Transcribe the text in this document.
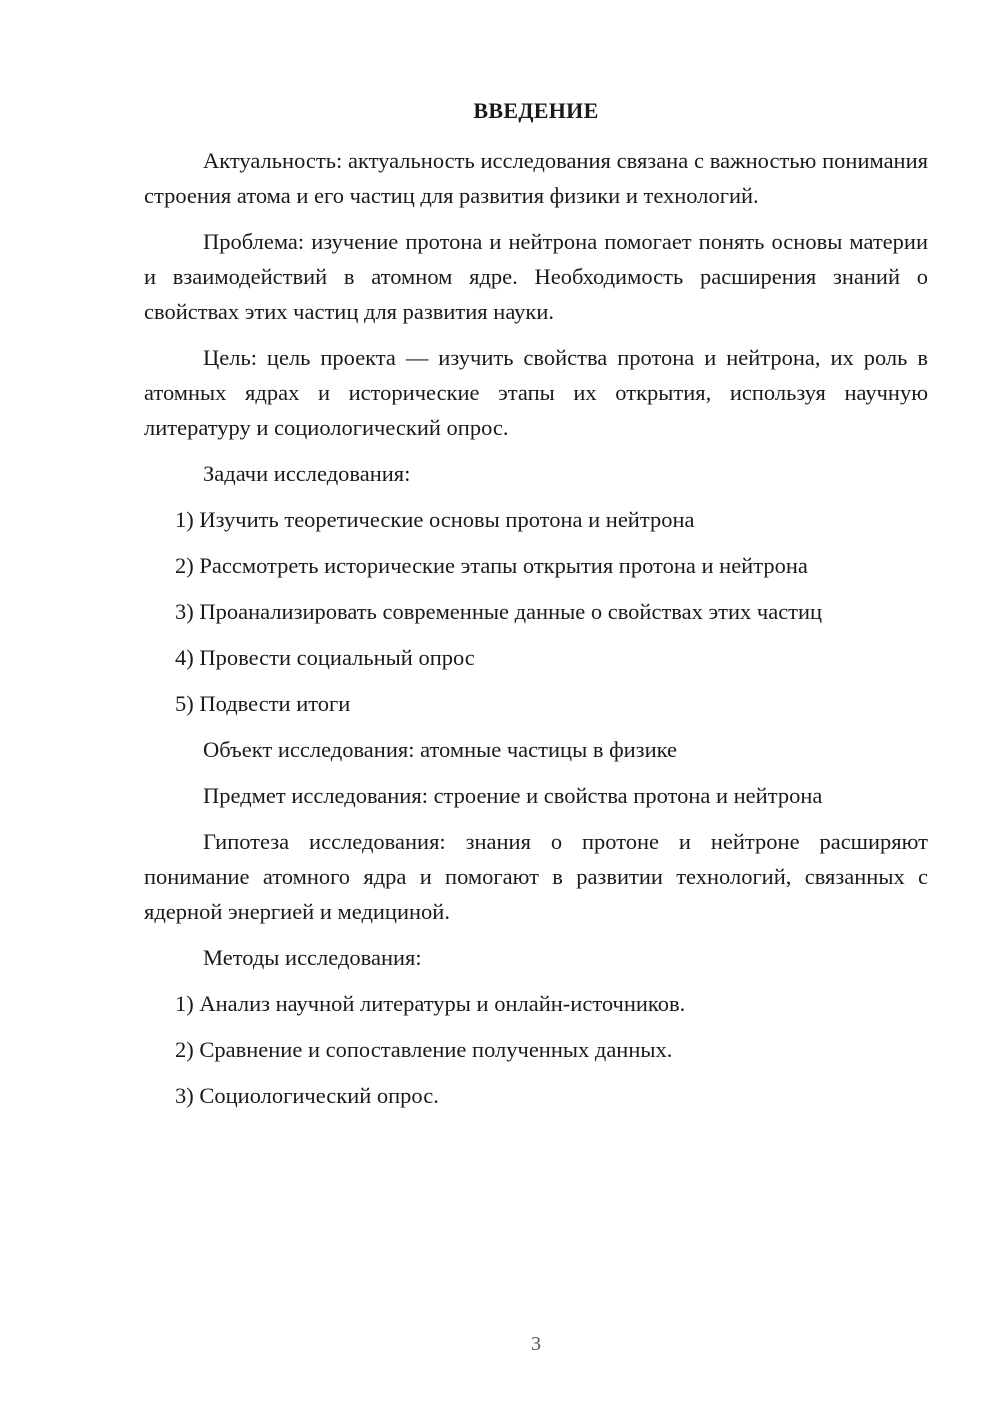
ВВЕДЕНИЕ

Актуальность: актуальность исследования связана с важностью понимания строения атома и его частиц для развития физики и технологий.

Проблема: изучение протона и нейтрона помогает понять основы материи и взаимодействий в атомном ядре. Необходимость расширения знаний о свойствах этих частиц для развития науки.

Цель: цель проекта — изучить свойства протона и нейтрона, их роль в атомных ядрах и исторические этапы их открытия, используя научную литературу и социологический опрос.

Задачи исследования:

1) Изучить теоретические основы протона и нейтрона

2) Рассмотреть исторические этапы открытия протона и нейтрона

3) Проанализировать современные данные о свойствах этих частиц

4) Провести социальный опрос

5) Подвести итоги

Объект исследования: атомные частицы в физике

Предмет исследования: строение и свойства протона и нейтрона

Гипотеза исследования: знания о протоне и нейтроне расширяют понимание атомного ядра и помогают в развитии технологий, связанных с ядерной энергией и медициной.

Методы исследования:

1) Анализ научной литературы и онлайн-источников.

2) Сравнение и сопоставление полученных данных.

3) Социологический опрос.

3
